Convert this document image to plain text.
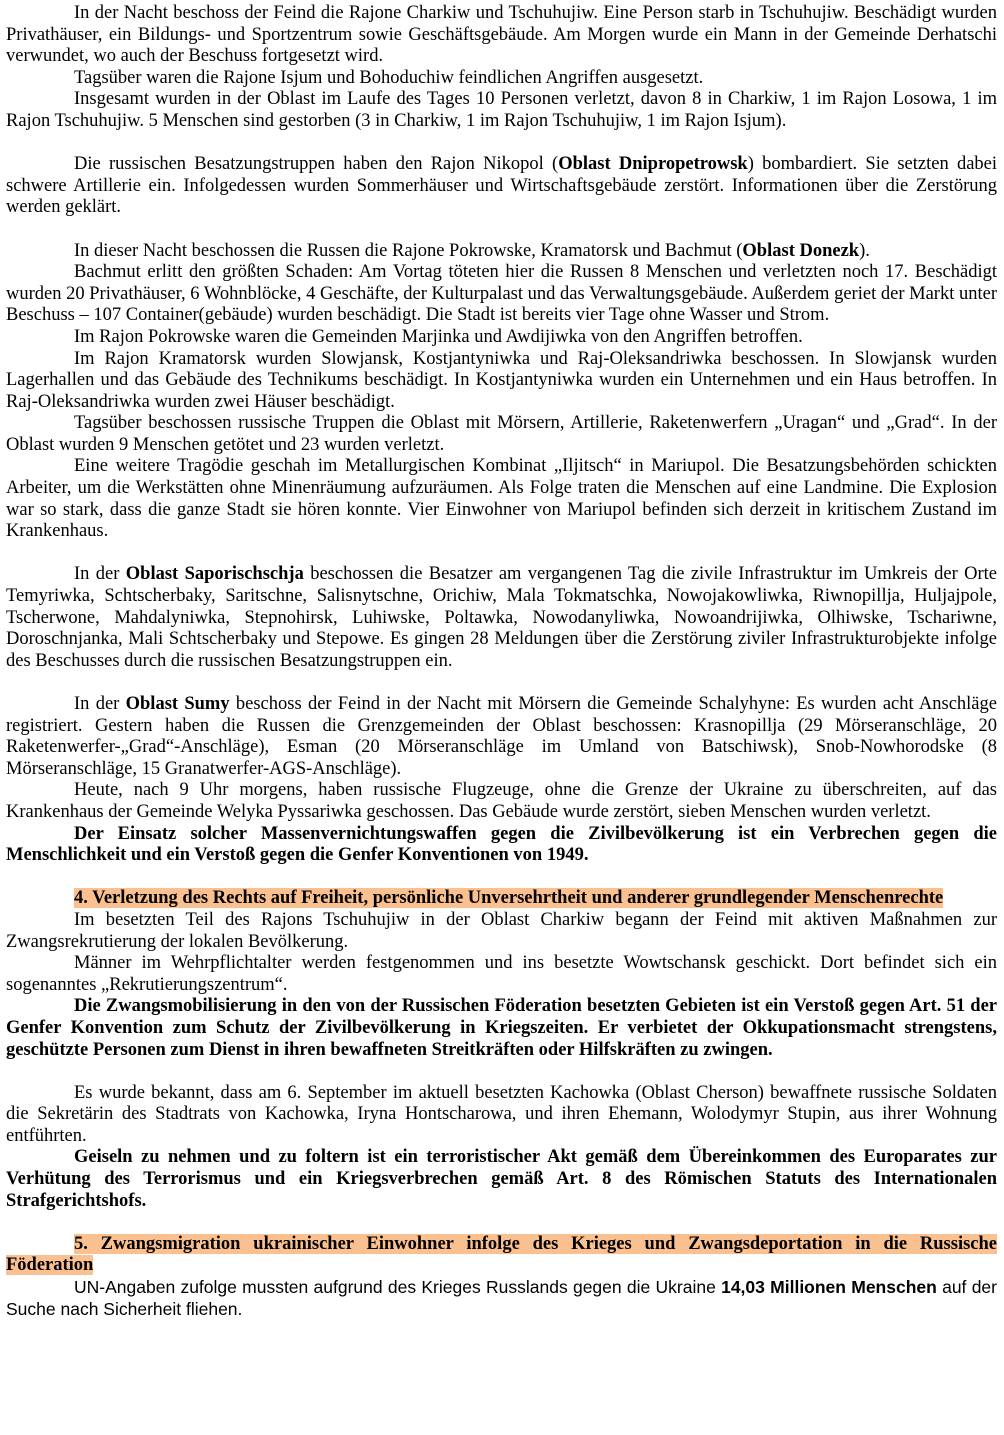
In der Nacht beschoss der Feind die Rajone Charkiw und Tschuhujiw. Eine Person starb in Tschuhujiw. Beschädigt wurden Privathäuser, ein Bildungs- und Sportzentrum sowie Geschäftsgebäude. Am Morgen wurde ein Mann in der Gemeinde Derhatschi verwundet, wo auch der Beschuss fortgesetzt wird.

Tagsüber waren die Rajone Isjum und Bohoduchiw feindlichen Angriffen ausgesetzt.

Insgesamt wurden in der Oblast im Laufe des Tages 10 Personen verletzt, davon 8 in Charkiw, 1 im Rajon Losowa, 1 im Rajon Tschuhujiw. 5 Menschen sind gestorben (3 in Charkiw, 1 im Rajon Tschuhujiw, 1 im Rajon Isjum).

Die russischen Besatzungstruppen haben den Rajon Nikopol (Oblast Dnipropetrowsk) bombardiert. Sie setzten dabei schwere Artillerie ein. Infolgedessen wurden Sommerhäuser und Wirtschaftsgebäude zerstört. Informationen über die Zerstörung werden geklärt.

In dieser Nacht beschossen die Russen die Rajone Pokrowske, Kramatorsk und Bachmut (Oblast Donezk).

Bachmut erlitt den größten Schaden: Am Vortag töteten hier die Russen 8 Menschen und verletzten noch 17. Beschädigt wurden 20 Privathäuser, 6 Wohnblöcke, 4 Geschäfte, der Kulturpalast und das Verwaltungsgebäude. Außerdem geriet der Markt unter Beschuss – 107 Container(gebäude) wurden beschädigt. Die Stadt ist bereits vier Tage ohne Wasser und Strom.

Im Rajon Pokrowske waren die Gemeinden Marjinka und Awdijiwka von den Angriffen betroffen.

Im Rajon Kramatorsk wurden Slowjansk, Kostjantyniwka und Raj-Oleksandriwka beschossen. In Slowjansk wurden Lagerhallen und das Gebäude des Technikums beschädigt. In Kostjantyniwka wurden ein Unternehmen und ein Haus betroffen. In Raj-Oleksandriwka wurden zwei Häuser beschädigt.

Tagsüber beschossen russische Truppen die Oblast mit Mörsern, Artillerie, Raketenwerfern „Uragan“ und „Grad“. In der Oblast wurden 9 Menschen getötet und 23 wurden verletzt.

Eine weitere Tragödie geschah im Metallurgischen Kombinat „Iljitsch“ in Mariupol. Die Besatzungsbehörden schickten Arbeiter, um die Werkstätten ohne Minenräumung aufzuräumen. Als Folge traten die Menschen auf eine Landmine. Die Explosion war so stark, dass die ganze Stadt sie hören konnte. Vier Einwohner von Mariupol befinden sich derzeit in kritischem Zustand im Krankenhaus.

In der Oblast Saporischschja beschossen die Besatzer am vergangenen Tag die zivile Infrastruktur im Umkreis der Orte Temyriwka, Schtscherbaky, Saritschne, Salisnytschne, Orichiw, Mala Tokmatschka, Nowojakowliwka, Riwnopillja, Huljajpole, Tscherwone, Mahdalyniwka, Stepnohirsk, Luhiwske, Poltawka, Nowodanyliwka, Nowoandrijiwka, Olhiwske, Tschariwne, Doroschnjanka, Mali Schtscherbaky und Stepowe. Es gingen 28 Meldungen über die Zerstörung ziviler Infrastrukturobjekte infolge des Beschusses durch die russischen Besatzungstruppen ein.

In der Oblast Sumy beschoss der Feind in der Nacht mit Mörsern die Gemeinde Schalyhyne: Es wurden acht Anschläge registriert. Gestern haben die Russen die Grenzgemeinden der Oblast beschossen: Krasnopillja (29 Mörseranschläge, 20 Raketenwerfer-„Grad“-Anschläge), Esman (20 Mörseranschläge im Umland von Batschiwsk), Snob-Nowhorodske (8 Mörseranschläge, 15 Granatwerfer-AGS-Anschläge).

Heute, nach 9 Uhr morgens, haben russische Flugzeuge, ohne die Grenze der Ukraine zu überschreiten, auf das Krankenhaus der Gemeinde Welyka Pyssariwka geschossen. Das Gebäude wurde zerstört, sieben Menschen wurden verletzt.

Der Einsatz solcher Massenvernichtungswaffen gegen die Zivilbevölkerung ist ein Verbrechen gegen die Menschlichkeit und ein Verstoß gegen die Genfer Konventionen von 1949.

4. Verletzung des Rechts auf Freiheit, persönliche Unversehrtheit und anderer grundlegender Menschenrechte

Im besetzten Teil des Rajons Tschuhujiw in der Oblast Charkiw begann der Feind mit aktiven Maßnahmen zur Zwangsrekrutierung der lokalen Bevölkerung.

Männer im Wehrpflichtalter werden festgenommen und ins besetzte Wowtschansk geschickt. Dort befindet sich ein sogenanntes „Rekrutierungszentrum“.

Die Zwangsmobilisierung in den von der Russischen Föderation besetzten Gebieten ist ein Verstoß gegen Art. 51 der Genfer Konvention zum Schutz der Zivilbevölkerung in Kriegszeiten. Er verbietet der Okkupationsmacht strengstens, geschützte Personen zum Dienst in ihren bewaffneten Streitkräften oder Hilfskräften zu zwingen.

Es wurde bekannt, dass am 6. September im aktuell besetzten Kachowka (Oblast Cherson) bewaffnete russische Soldaten die Sekretärin des Stadtrats von Kachowka, Iryna Hontscharowa, und ihren Ehemann, Wolodymyr Stupin, aus ihrer Wohnung entführten.

Geiseln zu nehmen und zu foltern ist ein terroristischer Akt gemäß dem Übereinkommen des Europarates zur Verhütung des Terrorismus und ein Kriegsverbrechen gemäß Art. 8 des Römischen Statuts des Internationalen Strafgerichtshofs.

5. Zwangsmigration ukrainischer Einwohner infolge des Krieges und Zwangsdeportation in die Russische Föderation

UN-Angaben zufolge mussten aufgrund des Krieges Russlands gegen die Ukraine 14,03 Millionen Menschen auf der Suche nach Sicherheit fliehen.
